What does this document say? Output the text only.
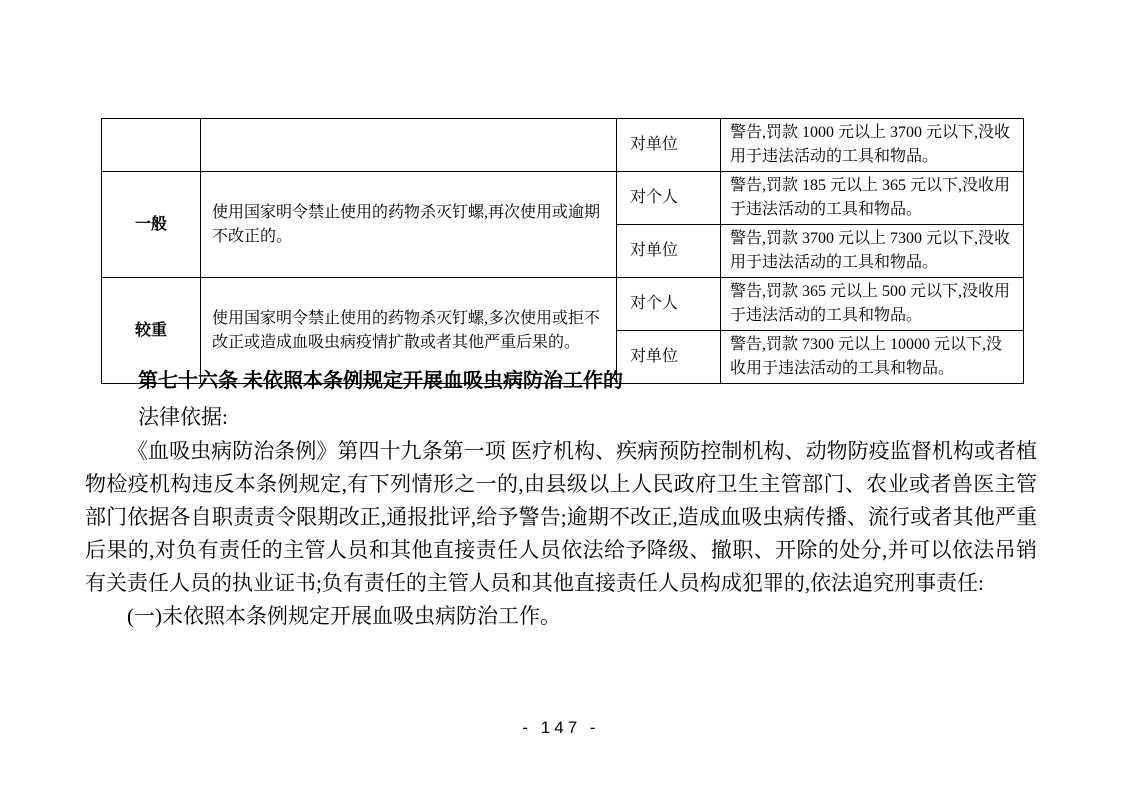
		对单位	警告,罚款 1000 元以上 3700 元以下,没收用于违法活动的工具和物品。
一般	使用国家明令禁止使用的药物杀灭钉螺,再次使用或逾期不改正的。	对个人	警告,罚款 185 元以上 365 元以下,没收用于违法活动的工具和物品。
		对单位	警告,罚款 3700 元以上 7300 元以下,没收用于违法活动的工具和物品。
较重	使用国家明令禁止使用的药物杀灭钉螺,多次使用或拒不改正或造成血吸虫病疫情扩散或者其他严重后果的。	对个人	警告,罚款 365 元以上 500 元以下,没收用于违法活动的工具和物品。
		对单位	警告,罚款 7300 元以上 10000 元以下,没收用于违法活动的工具和物品。
第七十六条 未依照本条例规定开展血吸虫病防治工作的

法律依据:

《血吸虫病防治条例》第四十九条第一项 医疗机构、疾病预防控制机构、动物防疫监督机构或者植物检疫机构违反本条例规定,有下列情形之一的,由县级以上人民政府卫生主管部门、农业或者兽医主管部门依据各自职责责令限期改正,通报批评,给予警告;逾期不改正,造成血吸虫病传播、流行或者其他严重后果的,对负有责任的主管人员和其他直接责任人员依法给予降级、撤职、开除的处分,并可以依法吊销有关责任人员的执业证书;负有责任的主管人员和其他直接责任人员构成犯罪的,依法追究刑事责任:

(一)未依照本条例规定开展血吸虫病防治工作。

- 147 -
